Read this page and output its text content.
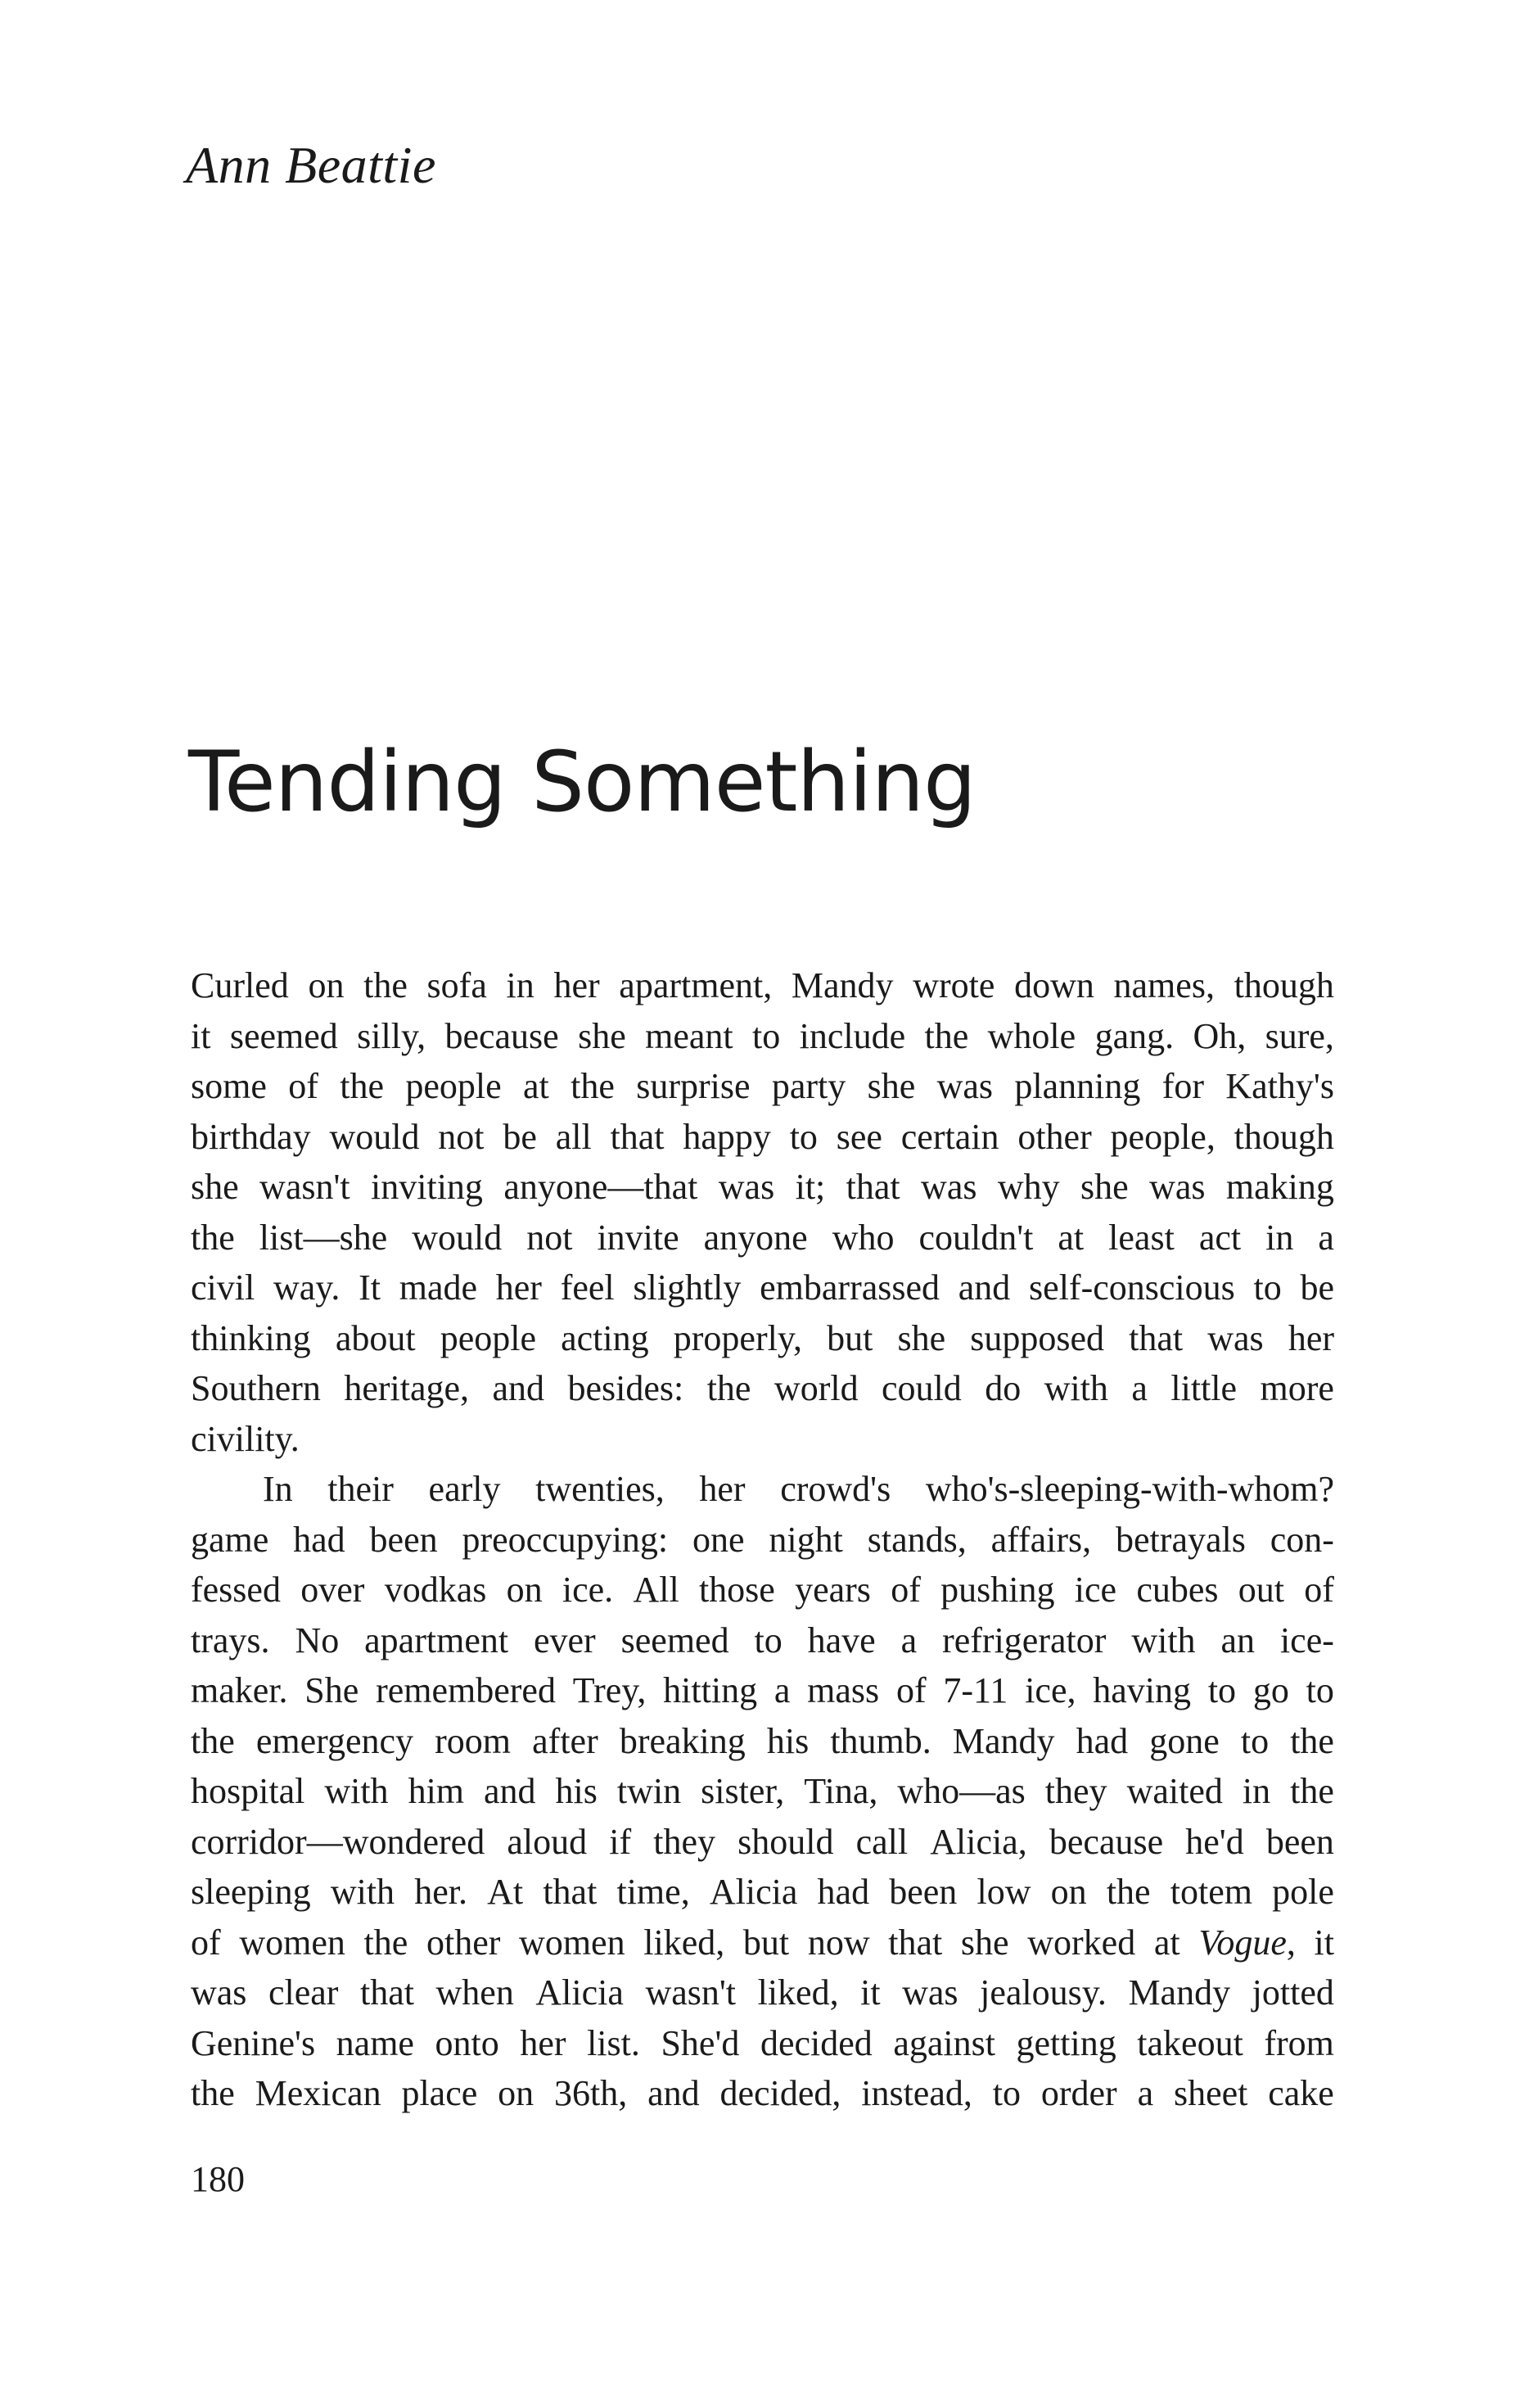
Ann Beattie
Tending Something
Curled on the sofa in her apartment, Mandy wrote down names, though
it seemed silly, because she meant to include the whole gang. Oh, sure,
some of the people at the surprise party she was planning for Kathy's
birthday would not be all that happy to see certain other people, though
she wasn't inviting anyone—that was it; that was why she was making
the list—she would not invite anyone who couldn't at least act in a
civil way. It made her feel slightly embarrassed and self-conscious to be
thinking about people acting properly, but she supposed that was her
Southern heritage, and besides: the world could do with a little more
civility.
In their early twenties, her crowd's who's-sleeping-with-whom?
game had been preoccupying: one night stands, affairs, betrayals con-
fessed over vodkas on ice. All those years of pushing ice cubes out of
trays. No apartment ever seemed to have a refrigerator with an ice-
maker. She remembered Trey, hitting a mass of 7-11 ice, having to go to
the emergency room after breaking his thumb. Mandy had gone to the
hospital with him and his twin sister, Tina, who—as they waited in the
corridor—wondered aloud if they should call Alicia, because he'd been
sleeping with her. At that time, Alicia had been low on the totem pole
of women the other women liked, but now that she worked at Vogue, it
was clear that when Alicia wasn't liked, it was jealousy. Mandy jotted
Genine's name onto her list. She'd decided against getting takeout from
the Mexican place on 36th, and decided, instead, to order a sheet cake

180
